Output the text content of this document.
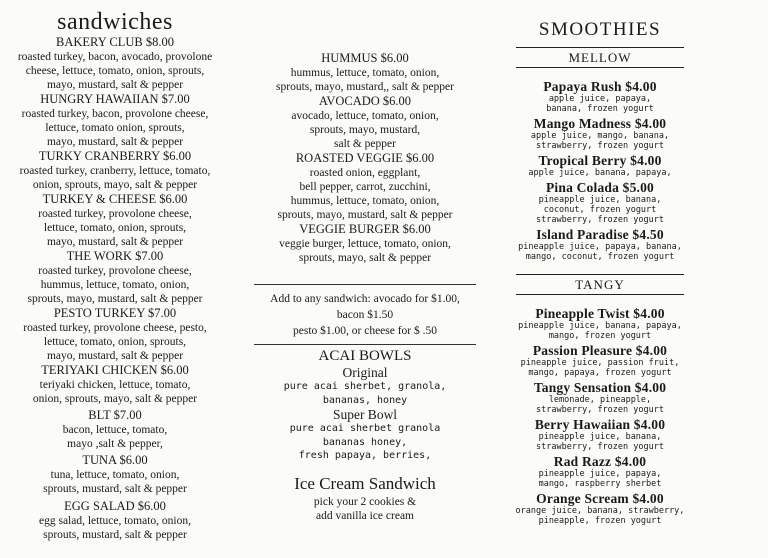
sandwiches
BAKERY CLUB $8.00
roasted turkey, bacon, avocado, provolone
cheese, lettuce, tomato, onion, sprouts,
mayo, mustard, salt & pepper
HUNGRY HAWAIIAN $7.00
roasted turkey, bacon, provolone cheese,
lettuce, tomato onion, sprouts,
mayo, mustard, salt & pepper
TURKY CRANBERRY $6.00
roasted turkey, cranberry, lettuce, tomato,
onion, sprouts, mayo, salt & pepper
TURKEY & CHEESE $6.00
roasted turkey, provolone cheese,
lettuce, tomato, onion, sprouts,
mayo, mustard, salt & pepper
THE WORK $7.00
roasted turkey, provolone cheese,
hummus, lettuce, tomato, onion,
sprouts, mayo, mustard, salt & pepper
PESTO TURKEY $7.00
roasted turkey, provolone cheese, pesto,
lettuce, tomato, onion, sprouts,
mayo, mustard, salt & pepper
TERIYAKI CHICKEN $6.00
teriyaki chicken, lettuce, tomato,
onion, sprouts, mayo, salt & pepper
BLT $7.00
bacon, lettuce, tomato,
mayo ,salt & pepper,
TUNA $6.00
tuna, lettuce, tomato, onion,
sprouts, mustard, salt & pepper
EGG SALAD $6.00
egg salad, lettuce, tomato, onion,
sprouts, mustard, salt & pepper
HUMMUS $6.00
hummus, lettuce, tomato, onion,
sprouts, mayo, mustard,, salt & pepper
AVOCADO $6.00
avocado, lettuce, tomato, onion,
sprouts, mayo, mustard,
salt & pepper
ROASTED VEGGIE $6.00
roasted onion, eggplant,
bell pepper, carrot, zucchini,
hummus, lettuce, tomato, onion,
sprouts, mayo, mustard, salt & pepper
VEGGIE BURGER $6.00
veggie burger, lettuce, tomato, onion,
sprouts, mayo, salt & pepper
Add to any sandwich: avocado for $1.00,
bacon $1.50
pesto $1.00, or cheese for $ .50
ACAI BOWLS
Original
pure acai sherbet, granola,
bananas, honey
Super Bowl
pure acai sherbet granola
bananas honey,
fresh papaya, berries,
Ice Cream Sandwich
pick your 2 cookies &
add vanilla ice cream
SMOOTHIES
MELLOW
Papaya Rush $4.00
apple juice, papaya,
banana, frozen yogurt
Mango Madness $4.00
apple juice, mango, banana,
strawberry, frozen yogurt
Tropical Berry $4.00
apple juice, banana, papaya,
Pina Colada $5.00
pineapple juice, banana,
coconut, frozen yogurt
strawberry, frozen yogurt
Island Paradise $4.50
pineapple juice, papaya, banana,
mango, coconut, frozen yogurt
TANGY
Pineapple Twist $4.00
pineapple juice, banana, papaya,
mango, frozen yogurt
Passion Pleasure $4.00
pineapple juice, passion fruit,
mango, papaya, frozen yogurt
Tangy Sensation $4.00
lemonade, pineapple,
strawberry, frozen yogurt
Berry Hawaiian $4.00
pineapple juice, banana,
strawberry, frozen yogurt
Rad Razz $4.00
pineapple juice, papaya,
mango, raspberry sherbet
Orange Scream $4.00
orange juice, banana, strawberry,
pineapple, frozen yogurt
